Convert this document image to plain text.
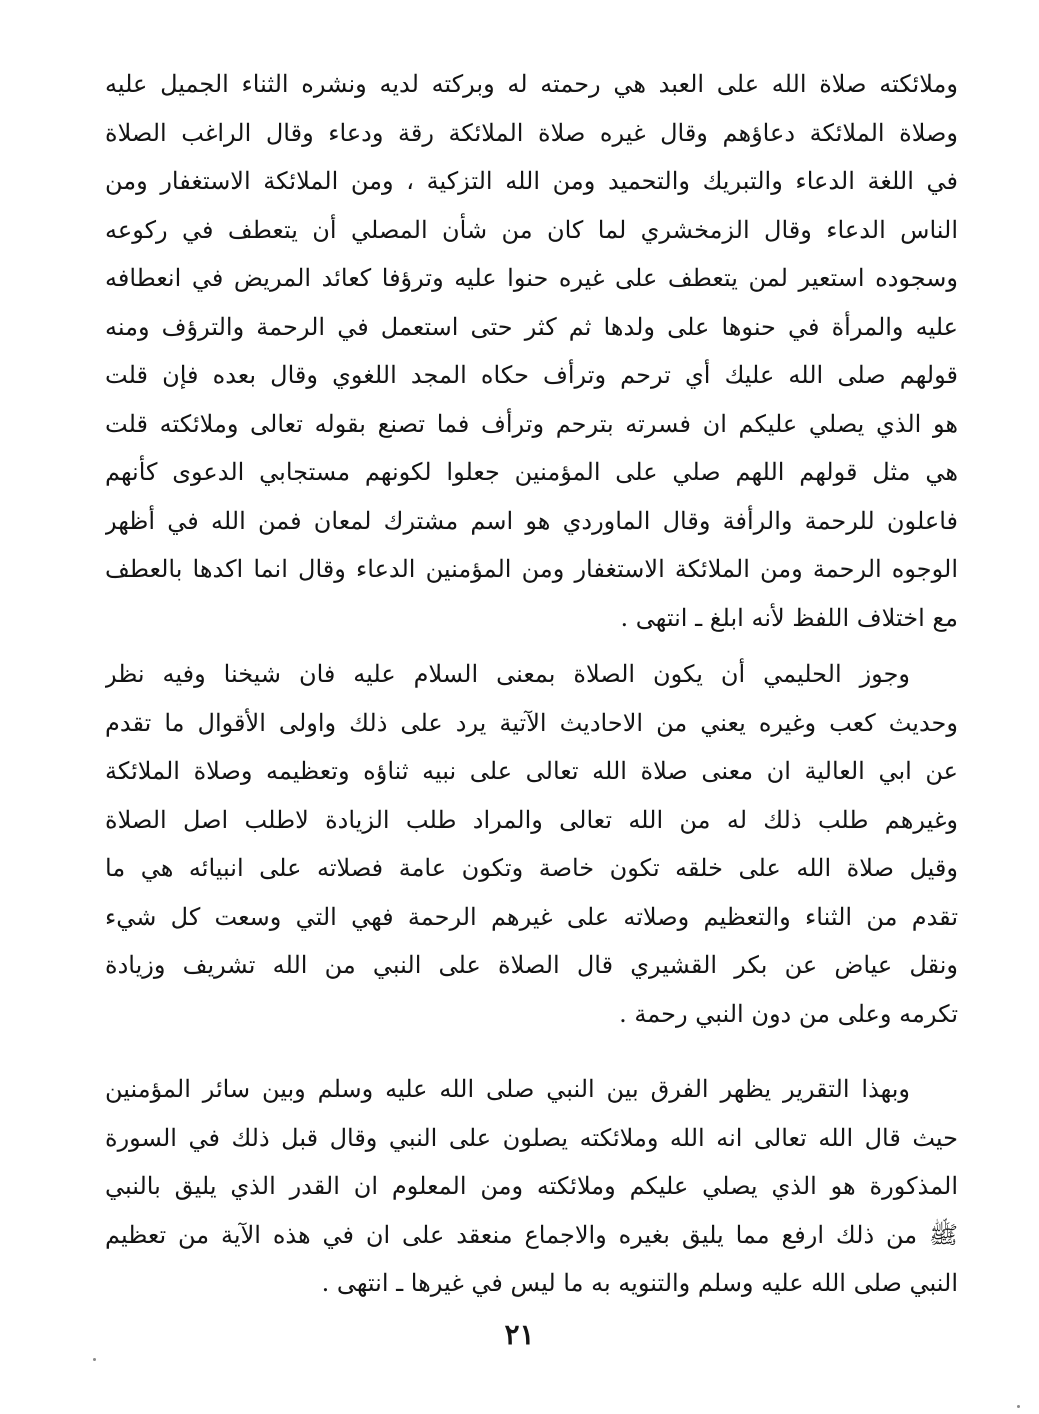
وملائكته صلاة الله على العبد هي رحمته له وبركته لديه ونشره الثناء الجميل عليه
وصلاة الملائكة دعاؤهم وقال غيره صلاة الملائكة رقة ودعاء وقال الراغب الصلاة
في اللغة الدعاء والتبريك والتحميد ومن الله التزكية ، ومن الملائكة الاستغفار ومن
الناس الدعاء وقال الزمخشري لما كان من شأن المصلي أن يتعطف في ركوعه
وسجوده استعير لمن يتعطف على غيره حنوا عليه وترؤفا كعائد المريض في انعطافه
عليه والمرأة في حنوها على ولدها ثم كثر حتى استعمل في الرحمة والترؤف ومنه
قولهم صلى الله عليك أي ترحم وترأف حكاه المجد اللغوي وقال بعده فإن قلت
هو الذي يصلي عليكم ان فسرته بترحم وترأف فما تصنع بقوله تعالى وملائكته قلت
هي مثل قولهم اللهم صلي على المؤمنين جعلوا لكونهم مستجابي الدعوى كأنهم
فاعلون للرحمة والرأفة وقال الماوردي هو اسم مشترك لمعان فمن الله في أظهر
الوجوه الرحمة ومن الملائكة الاستغفار ومن المؤمنين الدعاء وقال انما اكدها بالعطف
مع اختلاف اللفظ لأنه ابلغ ـ انتهى .
وجوز الحليمي أن يكون الصلاة بمعنى السلام عليه فان شيخنا وفيه نظر
وحديث كعب وغيره يعني من الاحاديث الآتية يرد على ذلك واولى الأقوال ما تقدم
عن ابي العالية ان معنى صلاة الله تعالى على نبيه ثناؤه وتعظيمه وصلاة الملائكة
وغيرهم طلب ذلك له من الله تعالى والمراد طلب الزيادة لاطلب اصل الصلاة
وقيل صلاة الله على خلقه تكون خاصة وتكون عامة فصلاته على انبيائه هي ما
تقدم من الثناء والتعظيم وصلاته على غيرهم الرحمة فهي التي وسعت كل شيء
ونقل عياض عن بكر القشيري قال الصلاة على النبي من الله تشريف وزيادة
تكرمه وعلى من دون النبي رحمة .
وبهذا التقرير يظهر الفرق بين النبي صلى الله عليه وسلم وبين سائر المؤمنين
حيث قال الله تعالى انه الله وملائكته يصلون على النبي وقال قبل ذلك في السورة
المذكورة هو الذي يصلي عليكم وملائكته ومن المعلوم ان القدر الذي يليق بالنبي
ﷺ من ذلك ارفع مما يليق بغيره والاجماع منعقد على ان في هذه الآية من تعظيم
النبي صلى الله عليه وسلم والتنويه به ما ليس في غيرها ـ انتهى .
٢١
